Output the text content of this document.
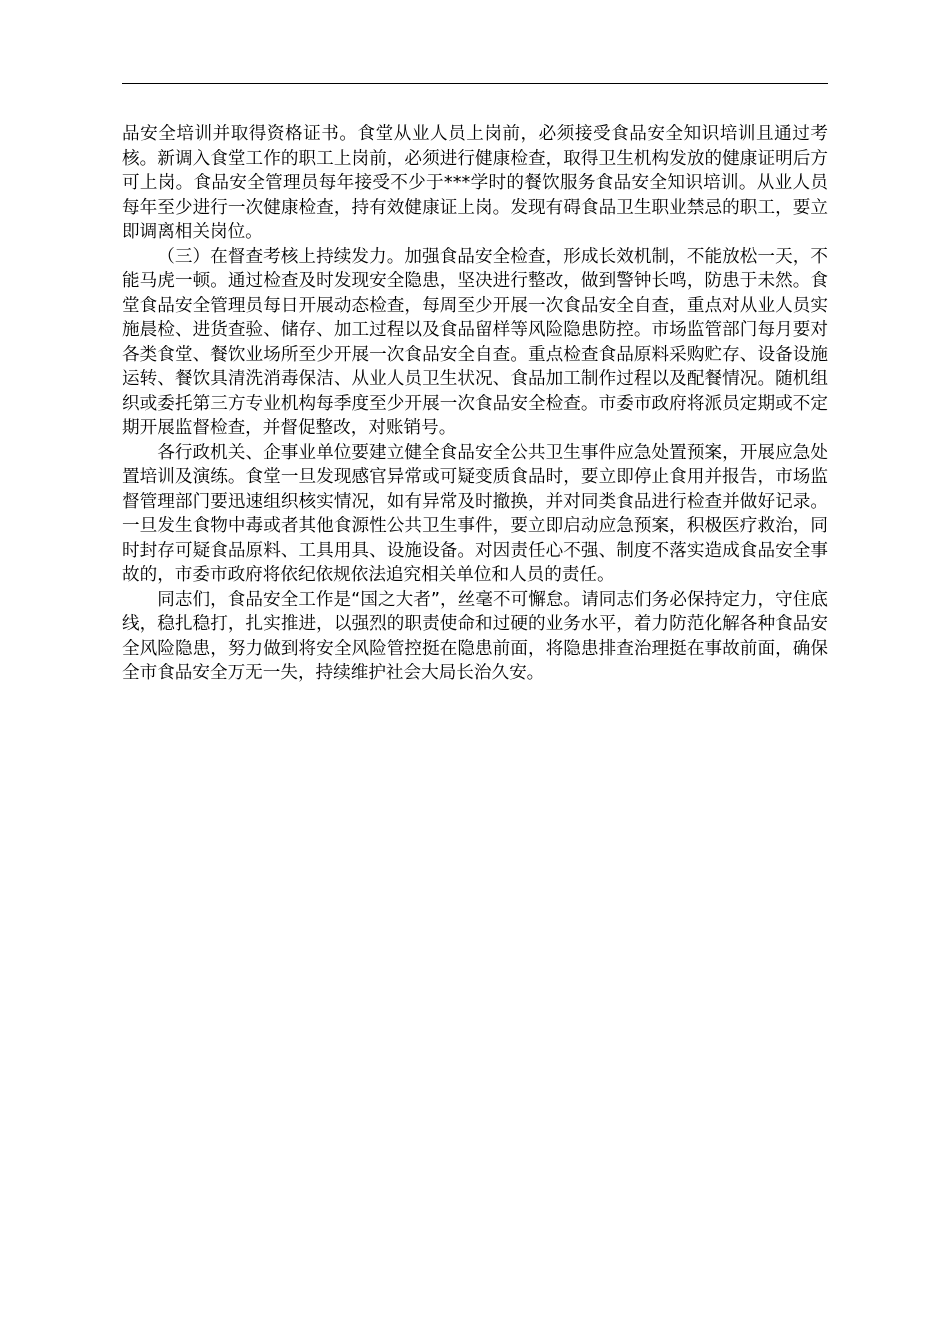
品安全培训并取得资格证书。食堂从业人员上岗前，必须接受食品安全知识培训且通过考核。新调入食堂工作的职工上岗前，必须进行健康检查，取得卫生机构发放的健康证明后方可上岗。食品安全管理员每年接受不少于***学时的餐饮服务食品安全知识培训。从业人员每年至少进行一次健康检查，持有效健康证上岗。发现有碍食品卫生职业禁忌的职工，要立即调离相关岗位。

（三）在督查考核上持续发力。加强食品安全检查，形成长效机制，不能放松一天，不能马虎一顿。通过检查及时发现安全隐患，坚决进行整改，做到警钟长鸣，防患于未然。食堂食品安全管理员每日开展动态检查，每周至少开展一次食品安全自查，重点对从业人员实施晨检、进货查验、储存、加工过程以及食品留样等风险隐患防控。市场监管部门每月要对各类食堂、餐饮业场所至少开展一次食品安全自查。重点检查食品原料采购贮存、设备设施运转、餐饮具清洗消毒保洁、从业人员卫生状况、食品加工制作过程以及配餐情况。随机组织或委托第三方专业机构每季度至少开展一次食品安全检查。市委市政府将派员定期或不定期开展监督检查，并督促整改，对账销号。

各行政机关、企事业单位要建立健全食品安全公共卫生事件应急处置预案，开展应急处置培训及演练。食堂一旦发现感官异常或可疑变质食品时，要立即停止食用并报告，市场监督管理部门要迅速组织核实情况，如有异常及时撤换，并对同类食品进行检查并做好记录。一旦发生食物中毒或者其他食源性公共卫生事件，要立即启动应急预案，积极医疗救治，同时封存可疑食品原料、工具用具、设施设备。对因责任心不强、制度不落实造成食品安全事故的，市委市政府将依纪依规依法追究相关单位和人员的责任。

同志们，食品安全工作是“国之大者”，丝毫不可懈怠。请同志们务必保持定力，守住底线，稳扎稳打，扎实推进，以强烈的职责使命和过硬的业务水平，着力防范化解各种食品安全风险隐患，努力做到将安全风险管控挺在隐患前面，将隐患排查治理挺在事故前面，确保全市食品安全万无一失，持续维护社会大局长治久安。
